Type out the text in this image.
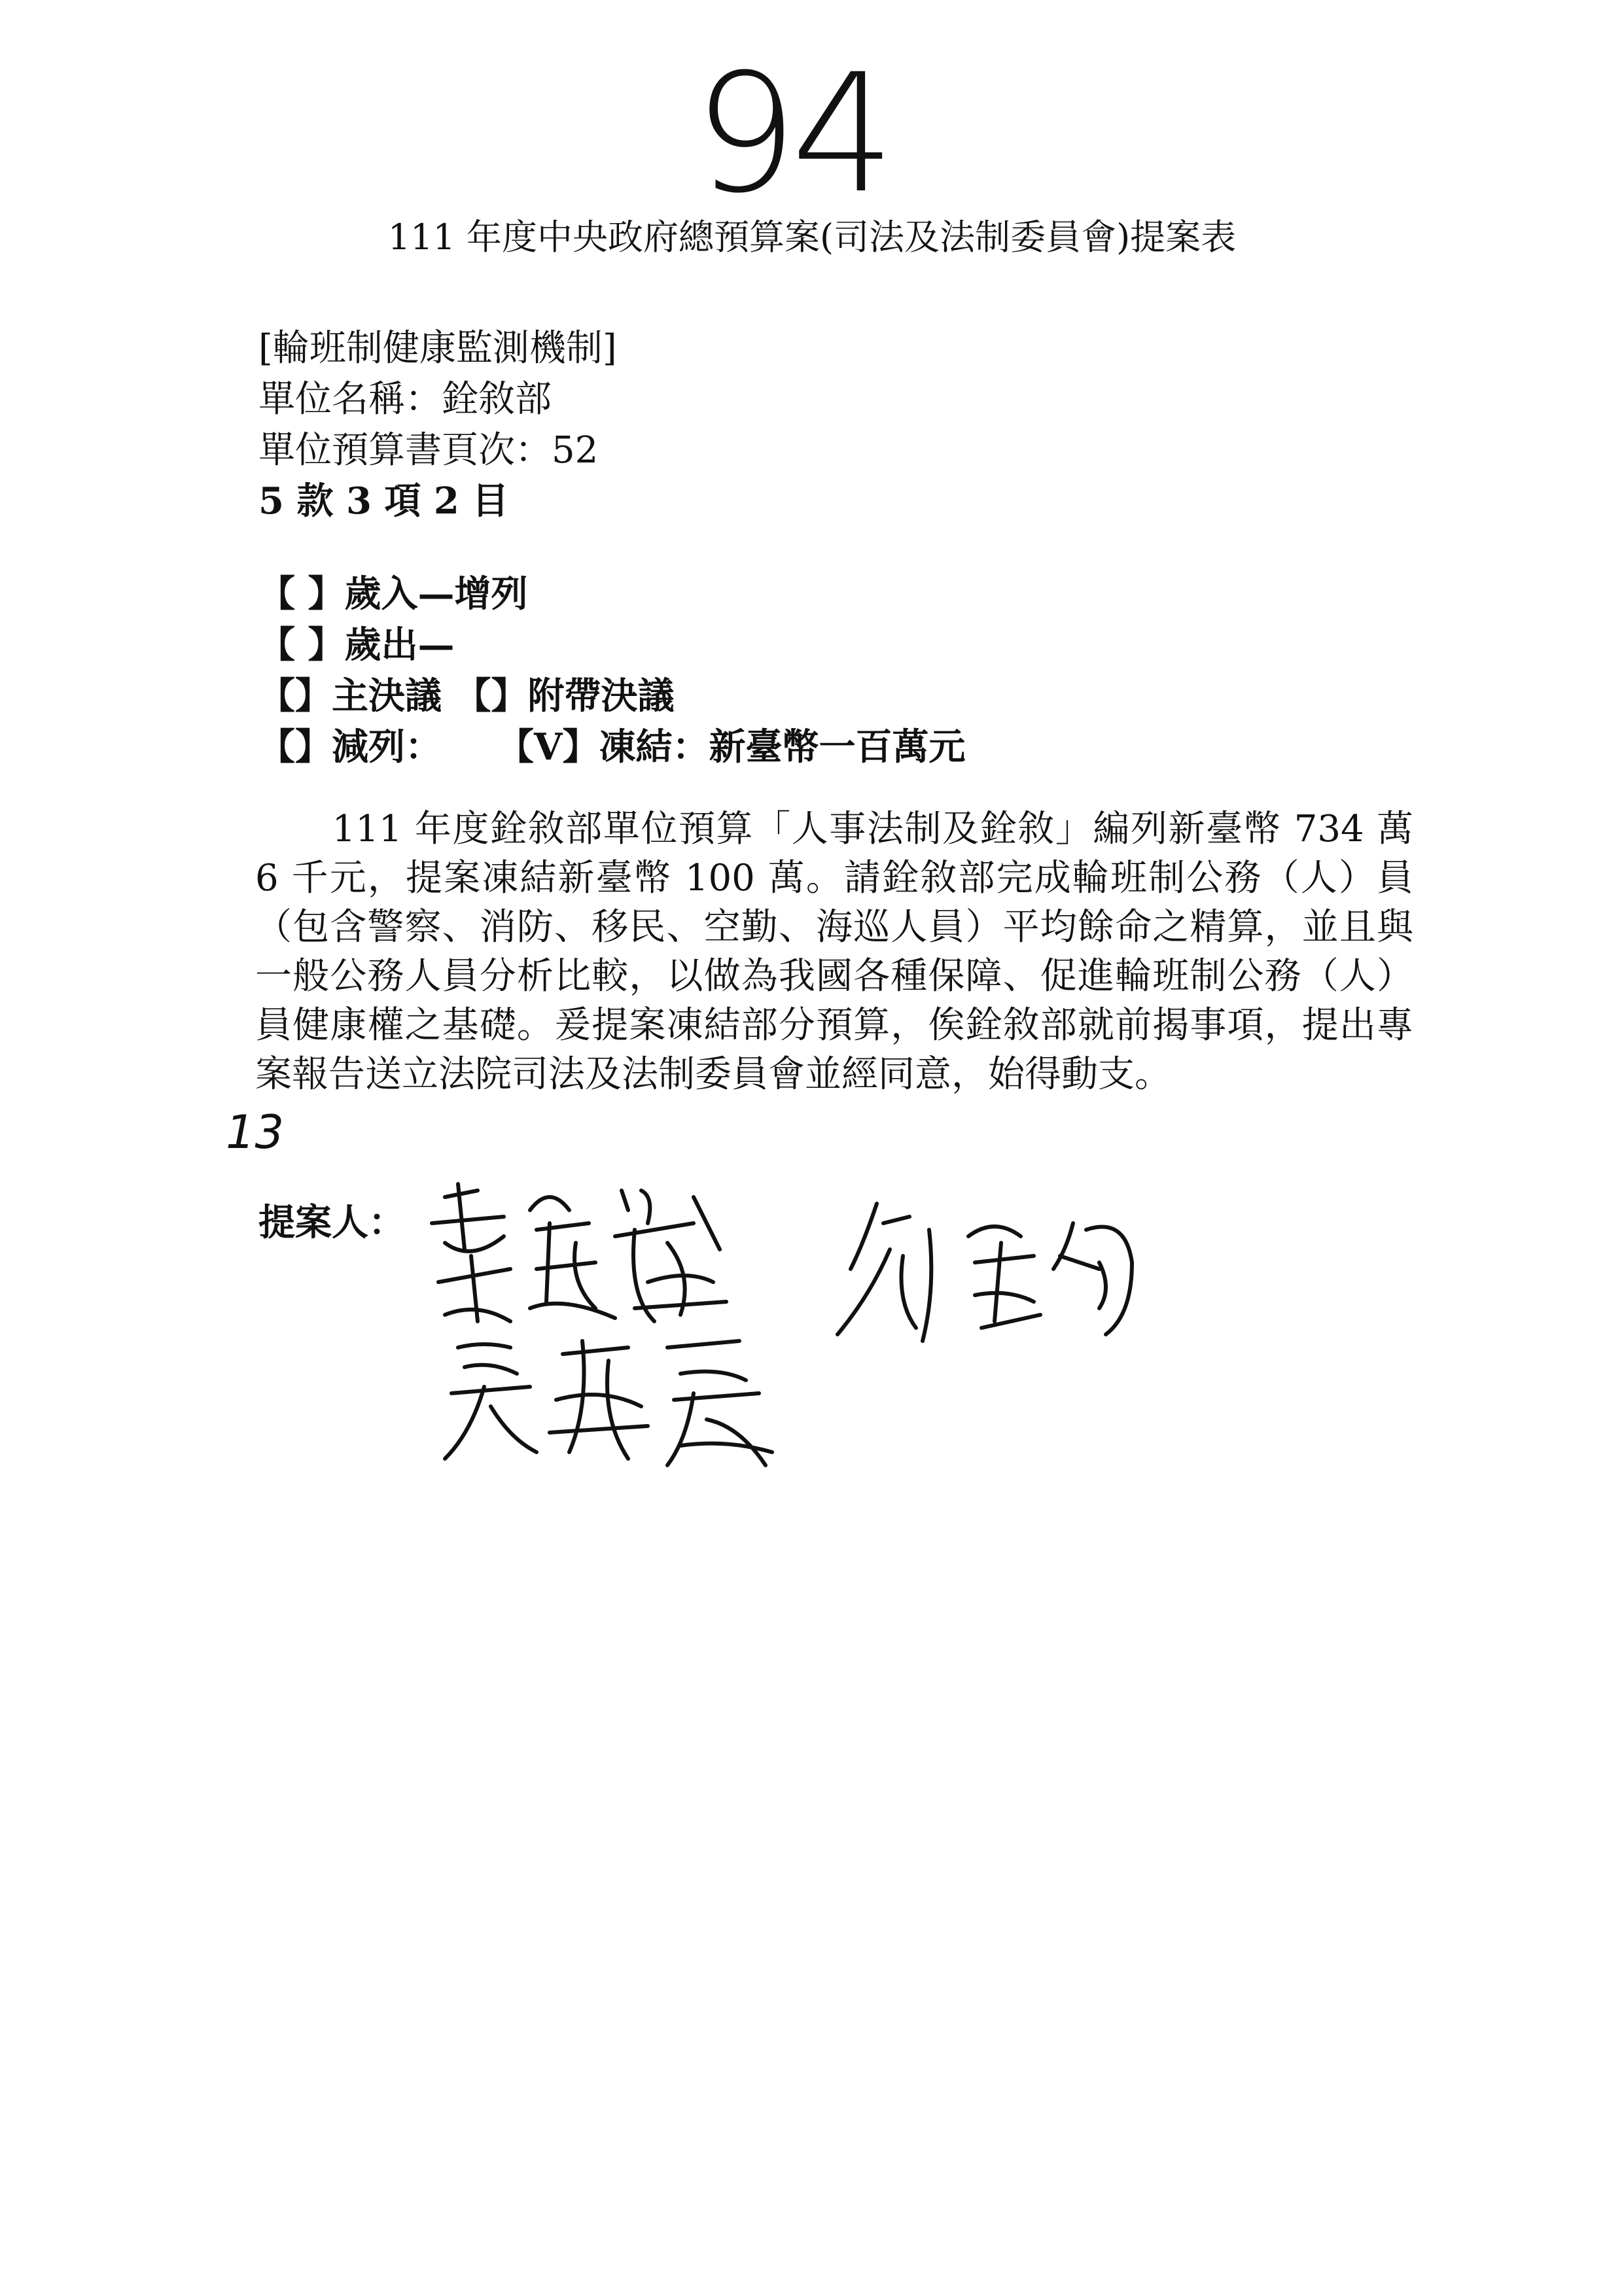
94
111 年度中央政府總預算案(司法及法制委員會)提案表
[輪班制健康監測機制]
單位名稱：銓敘部
單位預算書頁次：52
5 款 3 項 2 目
【 】歲入—增列
【 】歲出—
【】主決議 【】附帶決議
【】減列： 【V】凍結：新臺幣一百萬元
111 年度銓敘部單位預算「人事法制及銓敘」編列新臺幣 734 萬 6 千元，提案凍結新臺幣 100 萬。請銓敘部完成輪班制公務（人）員（包含警察、消防、移民、空勤、海巡人員）平均餘命之精算，並且與一般公務人員分析比較，以做為我國各種保障、促進輪班制公務（人）員健康權之基礎。爰提案凍結部分預算，俟銓敘部就前揭事項，提出專案報告送立法院司法及法制委員會並經同意，始得動支。
13
提案人：
